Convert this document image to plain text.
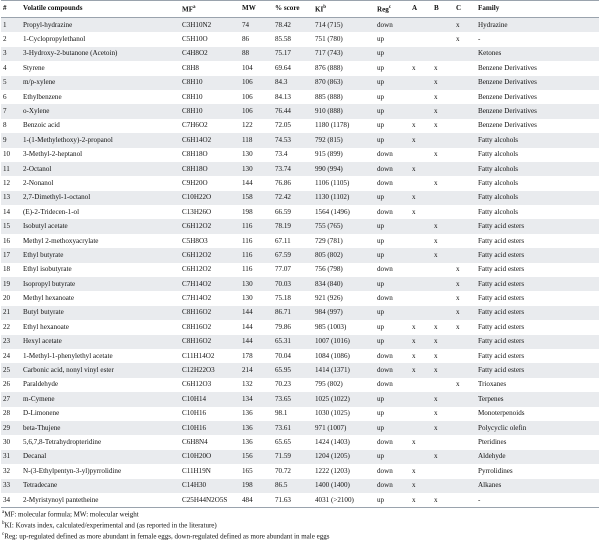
#	Volatile compounds	$MF^a$	MW	% score	$KI^b$	Reg$^c$	A	B	C	Family
1	Propyl-hydrazine	C3H10N2	74	78.42	714 (715)	down			x	Hydrazine
2	1-Cyclopropylethanol	C5H10O	86	85.58	751 (780)	up			x	-
3	3-Hydroxy-2-butanone (Acetoin)	C4H8O2	88	75.17	717 (743)	up				Ketones
4	Styrene	C8H8	104	69.64	876 (888)	up	x	x		Benzene Derivatives
5	m/p-xylene	C8H10	106	84.3	870 (863)	up		x		Benzene Derivatives
6	Ethylbenzene	C8H10	106	84.13	885 (888)	up		x		Benzene Derivatives
7	o-Xylene	C8H10	106	76.44	910 (888)	up		x		Benzene Derivatives
8	Benzoic acid	C7H6O2	122	72.05	1180 (1178)	up	x	x		Benzene Derivatives
9	1-(1-Methylethoxy)-2-propanol	C6H14O2	118	74.53	792 (815)	up	x			Fatty alcohols
10	3-Methyl-2-heptanol	C8H18O	130	73.4	915 (899)	down		x		Fatty alcohols
11	2-Octanol	C8H18O	130	73.74	990 (994)	down	x			Fatty alcohols
12	2-Nonanol	C9H20O	144	76.86	1106 (1105)	down		x		Fatty alcohols
13	2,7-Dimethyl-1-octanol	C10H22O	158	72.42	1130 (1102)	up	x			Fatty alcohols
14	(E)-2-Tridecen-1-ol	C13H26O	198	66.59	1564 (1496)	down	x			Fatty alcohols
15	Isobutyl acetate	C6H12O2	116	78.19	755 (765)	up		x		Fatty acid esters
16	Methyl 2-methoxyacrylate	C5H8O3	116	67.11	729 (781)	up		x		Fatty acid esters
17	Ethyl butyrate	C6H12O2	116	67.59	805 (802)	up		x		Fatty acid esters
18	Ethyl isobutyrate	C6H12O2	116	77.07	756 (798)	down			x	Fatty acid esters
19	Isopropyl butyrate	C7H14O2	130	70.03	834 (840)	up			x	Fatty acid esters
20	Methyl hexanoate	C7H14O2	130	75.18	921 (926)	down			x	Fatty acid esters
21	Butyl butyrate	C8H16O2	144	86.71	984 (997)	up			x	Fatty acid esters
22	Ethyl hexanoate	C8H16O2	144	79.86	985 (1003)	up	x	x	x	Fatty acid esters
23	Hexyl acetate	C8H16O2	144	65.31	1007 (1016)	up	x	x		Fatty acid esters
24	1-Methyl-1-phenylethyl acetate	C11H14O2	178	70.04	1084 (1086)	down	x	x		Fatty acid esters
25	Carbonic acid, nonyl vinyl ester	C12H22O3	214	65.95	1414 (1371)	down	x	x		Fatty acid esters
26	Paraldehyde	C6H12O3	132	70.23	795 (802)	down			x	Trioxanes
27	m-Cymene	C10H14	134	73.65	1025 (1022)	up		x		Terpenes
28	D-Limonene	C10H16	136	98.1	1030 (1025)	up		x		Monoterpenoids
29	beta-Thujene	C10H16	136	73.61	971 (1007)	up		x		Polycyclic olefin
30	5,6,7,8-Tetrahydropteridine	C6H8N4	136	65.65	1424 (1403)	down	x			Pteridines
31	Decanal	C10H20O	156	71.59	1204 (1205)	up		x		Aldehyde
32	N-(3-Ethylpentyn-3-yl)pyrrolidine	C11H19N	165	70.72	1222 (1203)	down	x			Pyrrolidines
33	Tetradecane	C14H30	198	86.5	1400 (1400)	down	x			Alkanes
34	2-Myristynoyl pantetheine	C25H44N2O5S	484	71.63	4031 (>2100)	up	x	x		-
$^a$MF: molecular formula; MW: molecular weight
$^b$KI: Kovats index, calculated/experimental and (as reported in the literature)
$^c$Reg: up-regulated defined as more abundant in female eggs, down-regulated defined as more abundant in male eggs
